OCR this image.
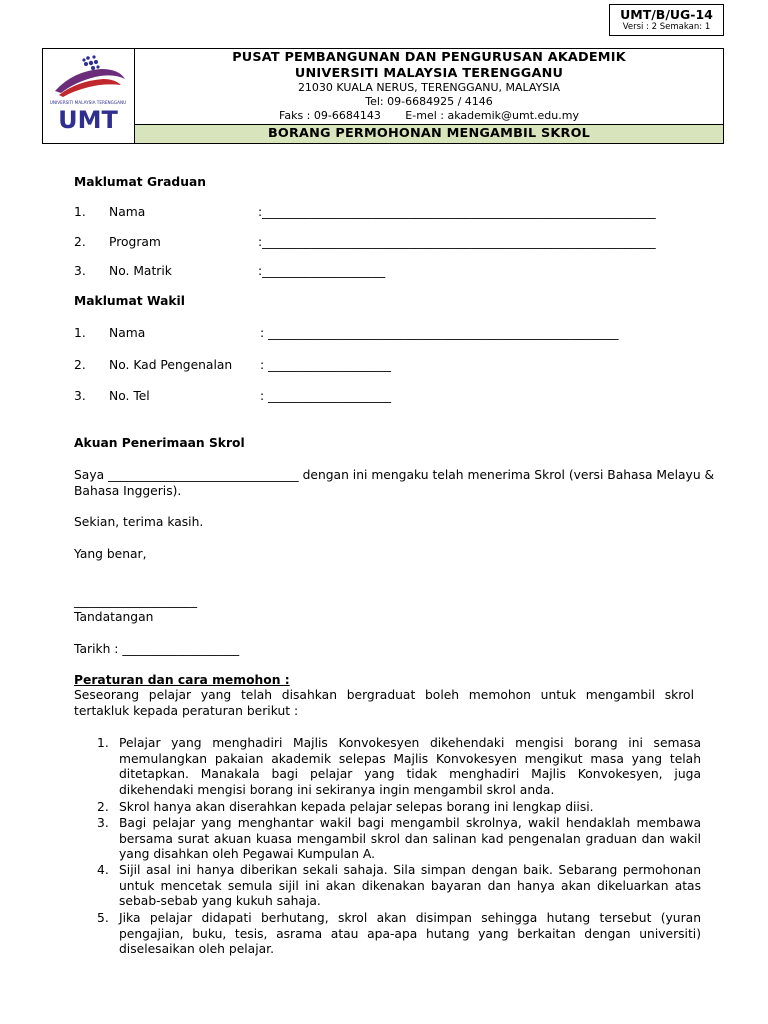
UMT/B/UG-14
Versi : 2 Semakan: 1
UNIVERSITI MALAYSIA TERENGGANU
UMT
PUSAT PEMBANGUNAN DAN PENGURUSAN AKADEMIK
UNIVERSITI MALAYSIA TERENGGANU
21030 KUALA NERUS, TERENGGANU, MALAYSIA
Tel: 09-6684925 / 4146
Faks : 09-6684143       E-mel : akademik@umt.edu.my
BORANG PERMOHONAN MENGAMBIL SKROL
Maklumat Graduan
1. Nama	:________________________________________________________________
2. Program	:________________________________________________________________
3. No. Matrik	:____________________
Maklumat Wakil
1. Nama	: _________________________________________________________
2. No. Kad Pengenalan : ____________________
3. No. Tel	: ____________________
Akuan Penerimaan Skrol
Saya _______________________________ dengan ini mengaku telah menerima Skrol (versi Bahasa Melayu &
Bahasa Inggeris).
Sekian, terima kasih.
Yang benar,
____________________
Tandatangan
Tarikh : ___________________
Peraturan dan cara memohon :

Seseorang pelajar yang telah disahkan bergraduat boleh memohon untuk mengambil skrol tertakluk kepada peraturan berikut :

1. Pelajar yang menghadiri Majlis Konvokesyen dikehendaki mengisi borang ini semasa memulangkan pakaian akademik selepas Majlis Konvokesyen mengikut masa yang telah ditetapkan. Manakala bagi pelajar yang tidak menghadiri Majlis Konvokesyen, juga dikehendaki mengisi borang ini sekiranya ingin mengambil skrol anda.

2. Skrol hanya akan diserahkan kepada pelajar selepas borang ini lengkap diisi.

3. Bagi pelajar yang menghantar wakil bagi mengambil skrolnya, wakil hendaklah membawa bersama surat akuan kuasa mengambil skrol dan salinan kad pengenalan graduan dan wakil yang disahkan oleh Pegawai Kumpulan A.

4. Sijil asal ini hanya diberikan sekali sahaja. Sila simpan dengan baik. Sebarang permohonan untuk mencetak semula sijil ini akan dikenakan bayaran dan hanya akan dikeluarkan atas sebab-sebab yang kukuh sahaja.

5. Jika pelajar didapati berhutang, skrol akan disimpan sehingga hutang tersebut (yuran pengajian, buku, tesis, asrama atau apa-apa hutang yang berkaitan dengan universiti) diselesaikan oleh pelajar.
